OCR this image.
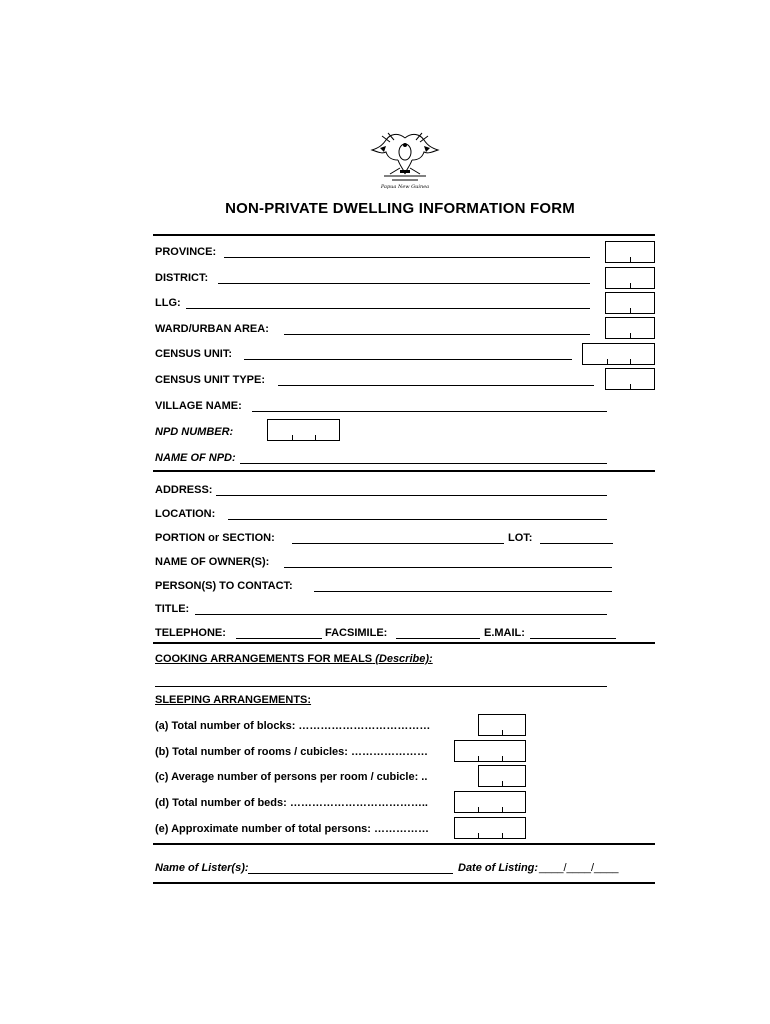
Papua New Guinea
NON-PRIVATE DWELLING INFORMATION FORM
PROVINCE:
DISTRICT:
LLG:
WARD/URBAN AREA:
CENSUS UNIT:
CENSUS UNIT TYPE:
VILLAGE NAME:
NPD NUMBER:
NAME OF NPD:
ADDRESS:
LOCATION:
PORTION or SECTION:	LOT:
NAME OF OWNER(S):
PERSON(S) TO CONTACT:
TITLE:
TELEPHONE:	FACSIMILE:	E.MAIL:
COOKING ARRANGEMENTS FOR MEALS (Describe):
SLEEPING ARRANGEMENTS:
(a) Total number of blocks: ………………………………
(b) Total number of rooms / cubicles: …………………
(c) Average number of persons per room / cubicle: ..
(d) Total number of beds: ………………………………..
(e) Approximate number of total persons: ……………
Name of Lister(s):	Date of Listing: ____/____/____
